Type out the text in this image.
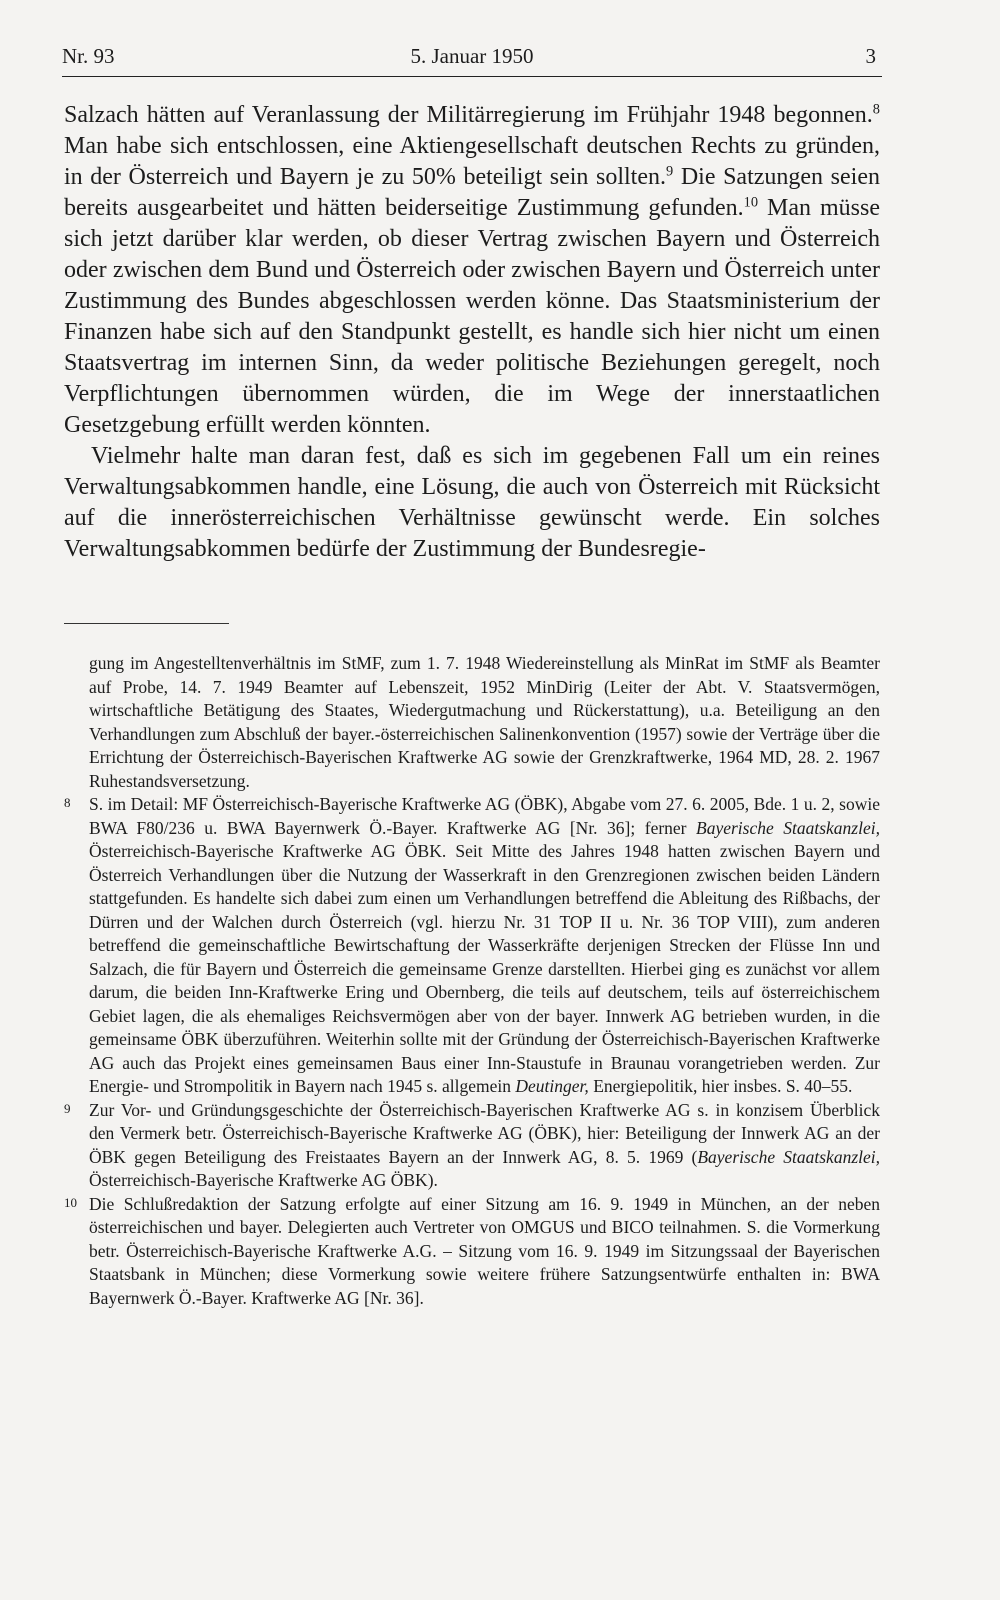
Nr. 93	5. Januar 1950	3

Salzach hätten auf Veranlassung der Militärregierung im Frühjahr 1948 begonnen.$^8$ Man habe sich entschlossen, eine Aktiengesellschaft deutschen Rechts zu gründen, in der Österreich und Bayern je zu 50% beteiligt sein sollten.$^9$ Die Satzungen seien bereits ausgearbeitet und hätten beiderseitige Zustimmung gefunden.$^{10}$ Man müsse sich jetzt darüber klar werden, ob dieser Vertrag zwischen Bayern und Österreich oder zwischen dem Bund und Österreich oder zwischen Bayern und Österreich unter Zustimmung des Bundes abgeschlossen werden könne. Das Staatsministerium der Finanzen habe sich auf den Standpunkt gestellt, es handle sich hier nicht um einen Staatsvertrag im internen Sinn, da weder politische Beziehungen geregelt, noch Verpflichtungen übernommen würden, die im Wege der innerstaatlichen Gesetzgebung erfüllt werden könnten.

Vielmehr halte man daran fest, daß es sich im gegebenen Fall um ein reines Verwaltungsabkommen handle, eine Lösung, die auch von Österreich mit Rücksicht auf die innerösterreichischen Verhältnisse gewünscht werde. Ein solches Verwaltungsabkommen bedürfe der Zustimmung der Bundesregie-

gung im Angestelltenverhältnis im StMF, zum 1. 7. 1948 Wiedereinstellung als MinRat im StMF als Beamter auf Probe, 14. 7. 1949 Beamter auf Lebenszeit, 1952 MinDirig (Leiter der Abt. V. Staatsvermögen, wirtschaftliche Betätigung des Staates, Wiedergutmachung und Rückerstattung), u.a. Beteiligung an den Verhandlungen zum Abschluß der bayer.-österreichischen Salinenkonvention (1957) sowie der Verträge über die Errichtung der Österreichisch-Bayerischen Kraftwerke AG sowie der Grenzkraftwerke, 1964 MD, 28. 2. 1967 Ruhestandsversetzung.

8 S. im Detail: MF Österreichisch-Bayerische Kraftwerke AG (ÖBK), Abgabe vom 27. 6. 2005, Bde. 1 u. 2, sowie BWA F80/236 u. BWA Bayernwerk Ö.-Bayer. Kraftwerke AG [Nr. 36]; ferner Bayerische Staatskanzlei, Österreichisch-Bayerische Kraftwerke AG ÖBK. Seit Mitte des Jahres 1948 hatten zwischen Bayern und Österreich Verhandlungen über die Nutzung der Wasserkraft in den Grenzregionen zwischen beiden Ländern stattgefunden. Es handelte sich dabei zum einen um Verhandlungen betreffend die Ableitung des Rißbachs, der Dürren und der Walchen durch Österreich (vgl. hierzu Nr. 31 TOP II u. Nr. 36 TOP VIII), zum anderen betreffend die gemeinschaftliche Bewirtschaftung der Wasserkräfte derjenigen Strecken der Flüsse Inn und Salzach, die für Bayern und Österreich die gemeinsame Grenze darstellten. Hierbei ging es zunächst vor allem darum, die beiden Inn-Kraftwerke Ering und Obernberg, die teils auf deutschem, teils auf österreichischem Gebiet lagen, die als ehemaliges Reichsvermögen aber von der bayer. Innwerk AG betrieben wurden, in die gemeinsame ÖBK überzuführen. Weiterhin sollte mit der Gründung der Österreichisch-Bayerischen Kraftwerke AG auch das Projekt eines gemeinsamen Baus einer Inn-Staustufe in Braunau vorangetrieben werden. Zur Energie- und Strompolitik in Bayern nach 1945 s. allgemein Deutinger, Energiepolitik, hier insbes. S. 40–55.

9 Zur Vor- und Gründungsgeschichte der Österreichisch-Bayerischen Kraftwerke AG s. in konzisem Überblick den Vermerk betr. Österreichisch-Bayerische Kraftwerke AG (ÖBK), hier: Beteiligung der Innwerk AG an der ÖBK gegen Beteiligung des Freistaates Bayern an der Innwerk AG, 8. 5. 1969 (Bayerische Staatskanzlei, Österreichisch-Bayerische Kraftwerke AG ÖBK).

10 Die Schlußredaktion der Satzung erfolgte auf einer Sitzung am 16. 9. 1949 in München, an der neben österreichischen und bayer. Delegierten auch Vertreter von OMGUS und BICO teilnahmen. S. die Vormerkung betr. Österreichisch-Bayerische Kraftwerke A.G. – Sitzung vom 16. 9. 1949 im Sitzungssaal der Bayerischen Staatsbank in München; diese Vormerkung sowie weitere frühere Satzungsentwürfe enthalten in: BWA Bayernwerk Ö.-Bayer. Kraftwerke AG [Nr. 36].
